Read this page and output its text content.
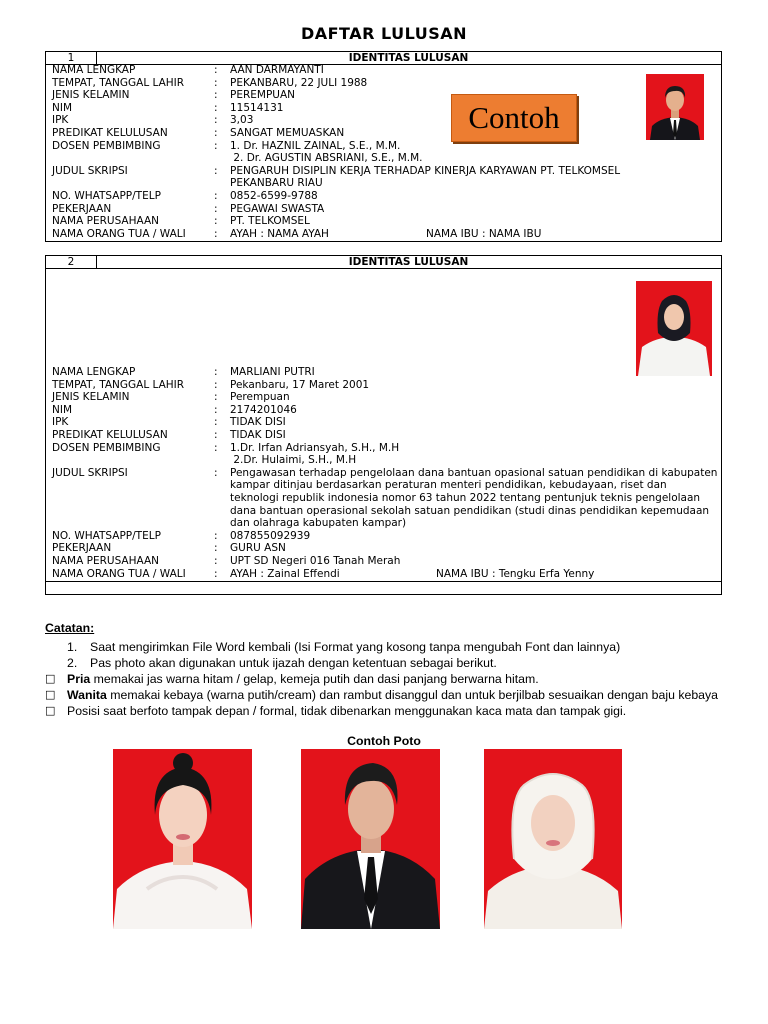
DAFTAR LULUSAN
1	IDENTITAS LULUSAN
NAMA LENGKAP	: AAN DARMAYANTI
TEMPAT, TANGGAL LAHIR	: PEKANBARU, 22 JULI 1988
JENIS KELAMIN	: PEREMPUAN
NIM	: 11514131
IPK	: 3,03
PREDIKAT KELULUSAN	: SANGAT MEMUASKAN
DOSEN PEMBIMBING	: 1. Dr. HAZNIL ZAINAL, S.E., M.M.
2. Dr. AGUSTIN ABSRIANI, S.E., M.M.
JUDUL SKRIPSI	: PENGARUH DISIPLIN KERJA TERHADAP KINERJA KARYAWAN PT. TELKOMSEL
PEKANBARU RIAU
NO. WHATSAPP/TELP	: 0852-6599-9788
PEKERJAAN	: PEGAWAI SWASTA
NAMA PERUSAHAAN	: PT. TELKOMSEL
NAMA ORANG TUA / WALI	: AYAH : NAMA AYAH	NAMA IBU : NAMA IBU
Contoh
2	IDENTITAS LULUSAN
NAMA LENGKAP	: MARLIANI PUTRI
TEMPAT, TANGGAL LAHIR	: Pekanbaru, 17 Maret 2001
JENIS KELAMIN	: Perempuan
NIM	: 2174201046
IPK	: TIDAK DISI
PREDIKAT KELULUSAN	: TIDAK DISI
DOSEN PEMBIMBING	: 1.Dr. Irfan Adriansyah, S.H., M.H
2.Dr. Hulaimi, S.H., M.H
JUDUL SKRIPSI	: Pengawasan terhadap pengelolaan dana bantuan opasional satuan pendidikan di kabupaten kampar ditinjau berdasarkan peraturan menteri pendidikan, kebudayaan, riset dan teknologi republik indonesia nomor 63 tahun 2022 tentang pentunjuk teknis pengelolaan dana bantuan operasional sekolah satuan pendidikan (studi dinas pendidikan kepemudaan dan olahraga kabupaten kampar)
NO. WHATSAPP/TELP	: 087855092939
PEKERJAAN	: GURU ASN
NAMA PERUSAHAAN	: UPT SD Negeri 016 Tanah Merah
NAMA ORANG TUA / WALI	: AYAH : Zainal Effendi	NAMA IBU : Tengku Erfa Yenny
Catatan:
1. Saat mengirimkan File Word kembali (Isi Format yang kosong tanpa mengubah Font dan lainnya)
2. Pas photo akan digunakan untuk ijazah dengan ketentuan sebagai berikut.
□ Pria memakai jas warna hitam / gelap, kemeja putih dan dasi panjang berwarna hitam.
□ Wanita memakai kebaya (warna putih/cream) dan rambut disanggul dan untuk berjilbab sesuaikan dengan baju kebaya
□ Posisi saat berfoto tampak depan / formal, tidak dibenarkan menggunakan kaca mata dan tampak gigi.
Contoh Poto
